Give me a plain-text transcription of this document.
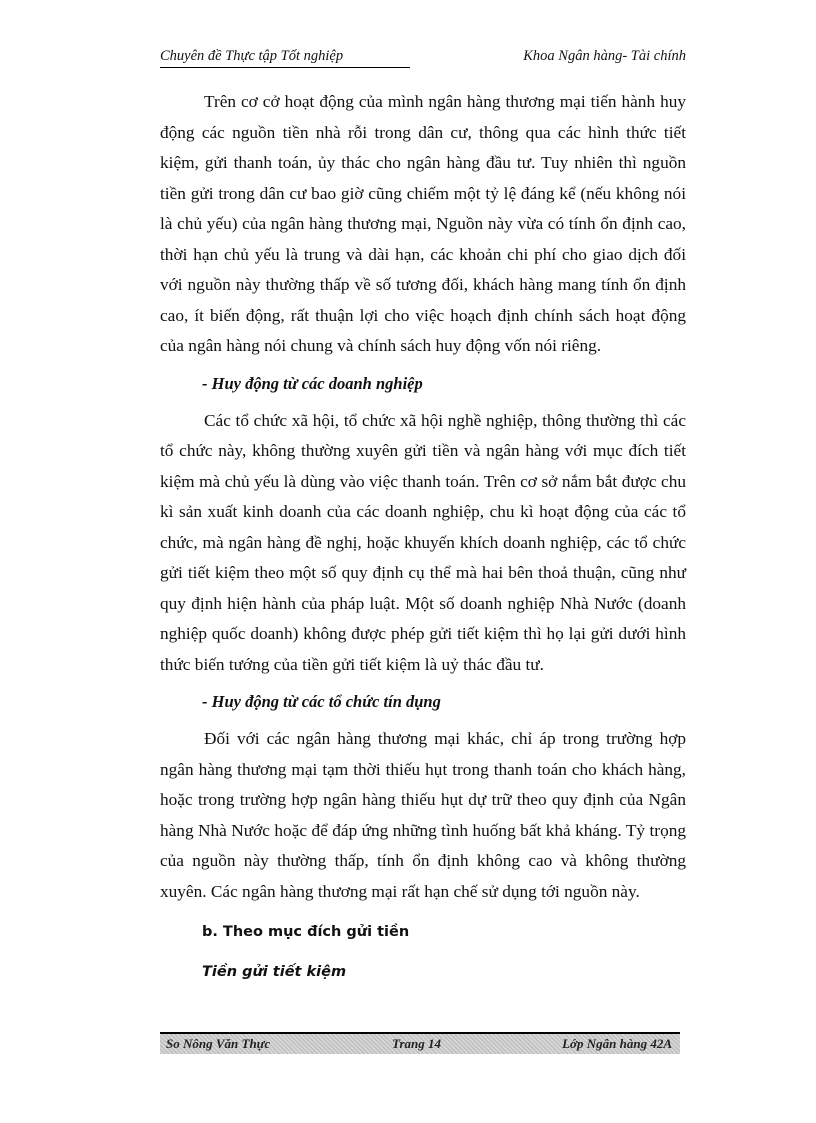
Chuyên đề Thực tập Tốt nghiệp	Khoa Ngân hàng- Tài chính

Trên cơ cở hoạt động của mình ngân hàng thương mại tiến hành huy động các nguồn tiền nhà rỗi trong dân cư, thông qua các hình thức tiết kiệm, gửi thanh toán, ủy thác cho ngân hàng đầu tư. Tuy nhiên thì nguồn tiền gửi trong dân cư bao giờ cũng chiếm một tỷ lệ đáng kể (nếu không nói là chủ yếu) của ngân hàng thương mại, Nguồn này vừa có tính ổn định cao, thời hạn chủ yếu là trung và dài hạn, các khoản chi phí cho giao dịch đối với nguồn này thường thấp về số tương đối, khách hàng mang tính ổn định cao, ít biến động, rất thuận lợi cho việc hoạch định chính sách hoạt động của ngân hàng nói chung và chính sách huy động vốn nói riêng.

- Huy động từ các doanh nghiệp

Các tổ chức xã hội, tổ chức xã hội nghề nghiệp, thông thường thì các tổ chức này, không thường xuyên gửi tiền và ngân hàng với mục đích tiết kiệm mà chủ yếu là dùng vào việc thanh toán. Trên cơ sở nắm bắt được chu kì sản xuất kinh doanh của các doanh nghiệp, chu kì hoạt động của các tổ chức, mà ngân hàng đề nghị, hoặc khuyến khích doanh nghiệp, các tổ chức gửi tiết kiệm theo một số quy định cụ thể mà hai bên thoả thuận, cũng như quy định hiện hành của pháp luật. Một số doanh nghiệp Nhà Nước (doanh nghiệp quốc doanh) không được phép gửi tiết kiệm thì họ lại gửi dưới hình thức biến tướng của tiền gửi tiết kiệm là uỷ thác đầu tư.

- Huy động từ các tổ chức tín dụng

Đối với các ngân hàng thương mại khác, chỉ áp trong trường hợp ngân hàng thương mại tạm thời thiếu hụt trong thanh toán cho khách hàng, hoặc trong trường hợp ngân hàng thiếu hụt dự trữ theo quy định của Ngân hàng Nhà Nước hoặc để đáp ứng những tình huống bất khả kháng. Tỷ trọng của nguồn này thường thấp, tính ổn định không cao và không thường xuyên. Các ngân hàng thương mại rất hạn chế sử dụng tới nguồn này.

b. Theo mục đích gửi tiền

Tiền gửi tiết kiệm

So Nông Văn Thực	Trang 14	Lớp Ngân hàng 42A
